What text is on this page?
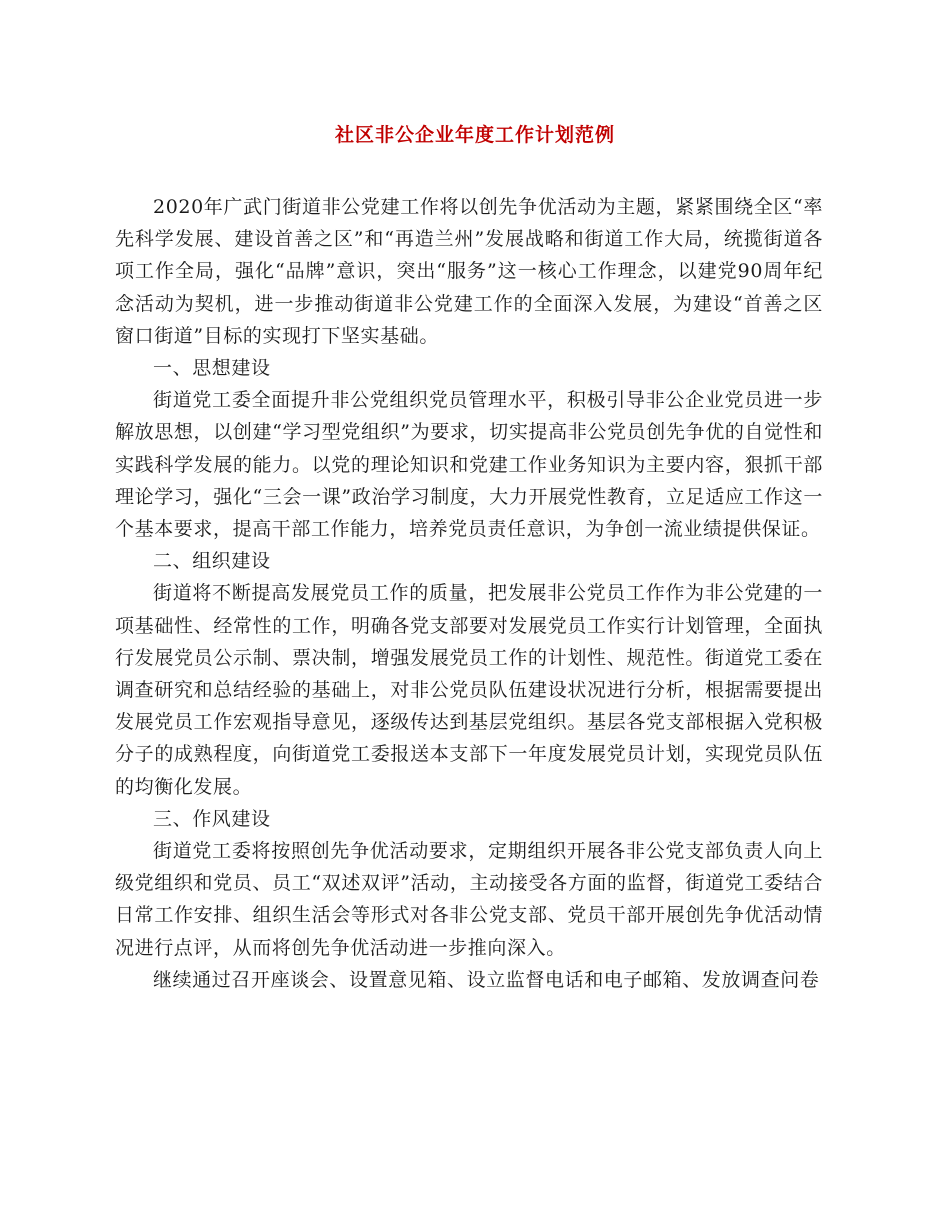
社区非公企业年度工作计划范例

2020年广武门街道非公党建工作将以创先争优活动为主题，紧紧围绕全区“率先科学发展、建设首善之区”和“再造兰州”发展战略和街道工作大局，统揽街道各项工作全局，强化“品牌”意识，突出“服务”这一核心工作理念，以建党90周年纪念活动为契机，进一步推动街道非公党建工作的全面深入发展，为建设“首善之区窗口街道”目标的实现打下坚实基础。

一、思想建设

街道党工委全面提升非公党组织党员管理水平，积极引导非公企业党员进一步解放思想，以创建“学习型党组织”为要求，切实提高非公党员创先争优的自觉性和实践科学发展的能力。以党的理论知识和党建工作业务知识为主要内容，狠抓干部理论学习，强化“三会一课”政治学习制度，大力开展党性教育，立足适应工作这一个基本要求，提高干部工作能力，培养党员责任意识，为争创一流业绩提供保证。

二、组织建设

街道将不断提高发展党员工作的质量，把发展非公党员工作作为非公党建的一项基础性、经常性的工作，明确各党支部要对发展党员工作实行计划管理，全面执行发展党员公示制、票决制，增强发展党员工作的计划性、规范性。街道党工委在调查研究和总结经验的基础上，对非公党员队伍建设状况进行分析，根据需要提出发展党员工作宏观指导意见，逐级传达到基层党组织。基层各党支部根据入党积极分子的成熟程度，向街道党工委报送本支部下一年度发展党员计划，实现党员队伍的均衡化发展。

三、作风建设

街道党工委将按照创先争优活动要求，定期组织开展各非公党支部负责人向上级党组织和党员、员工“双述双评”活动，主动接受各方面的监督，街道党工委结合日常工作安排、组织生活会等形式对各非公党支部、党员干部开展创先争优活动情况进行点评，从而将创先争优活动进一步推向深入。

继续通过召开座谈会、设置意见箱、设立监督电话和电子邮箱、发放调查问卷
